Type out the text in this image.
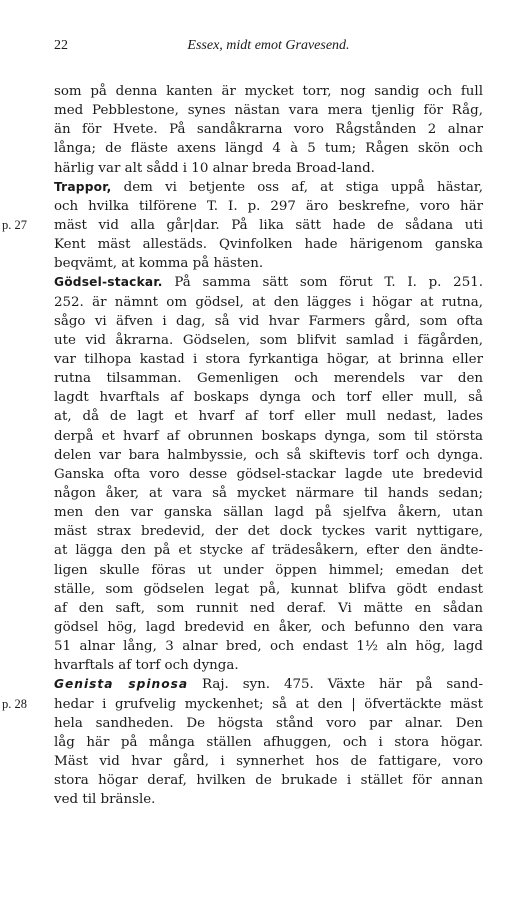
22	Essex, midt emot Gravesend.
som på denna kanten är mycket torr, nog sandig och full
med Pebblestone, synes nästan vara mera tjenlig för Råg,
än för Hvete. På sandåkrarna voro Rågstånden 2 alnar
långa; de fläste axens längd 4 à 5 tum; Rågen skön och
härlig var alt sådd i 10 alnar breda Broad-land.
Trappor, dem vi betjente oss af, at stiga uppå hästar,
och hvilka tilförene T. I. p. 297 äro beskrefne, voro här
mäst vid alla går|dar. På lika sätt hade de sådana uti
p. 27
Kent mäst allestäds. Qvinfolken hade härigenom ganska
beqvämt, at komma på hästen.
Gödsel-stackar. På samma sätt som förut T. I. p. 251.
252. är nämnt om gödsel, at den lägges i högar at rutna,
sågo vi äfven i dag, så vid hvar Farmers gård, som ofta
ute vid åkrarna. Gödselen, som blifvit samlad i fägården,
var tilhopa kastad i stora fyrkantiga högar, at brinna eller
rutna tilsamman. Gemenligen och merendels var den
lagdt hvarftals af boskaps dynga och torf eller mull, så
at, då de lagt et hvarf af torf eller mull nedast, lades
derpå et hvarf af obrunnen boskaps dynga, som til största
delen var bara halmbyssie, och så skiftevis torf och dynga.
Ganska ofta voro desse gödsel-stackar lagde ute bredevid
någon åker, at vara så mycket närmare til hands sedan;
men den var ganska sällan lagd på sjelfva åkern, utan
mäst strax bredevid, der det dock tyckes varit nyttigare,
at lägga den på et stycke af trädesåkern, efter den ändte-
ligen skulle föras ut under öppen himmel; emedan det
ställe, som gödselen legat på, kunnat blifva gödt endast
af den saft, som runnit ned deraf. Vi mätte en sådan
gödsel hög, lagd bredevid en åker, och befunno den vara
51 alnar lång, 3 alnar bred, och endast 1½ aln hög, lagd
hvarftals af torf och dynga.
Genista spinosa Raj. syn. 475. Växte här på sand-
hedar i grufvelig myckenhet; så at den | öfvertäckte mäst
p. 28
hela sandheden. De högsta stånd voro par alnar. Den
låg här på många ställen afhuggen, och i stora högar.
Mäst vid hvar gård, i synnerhet hos de fattigare, voro
stora högar deraf, hvilken de brukade i stället för annan
ved til bränsle.
